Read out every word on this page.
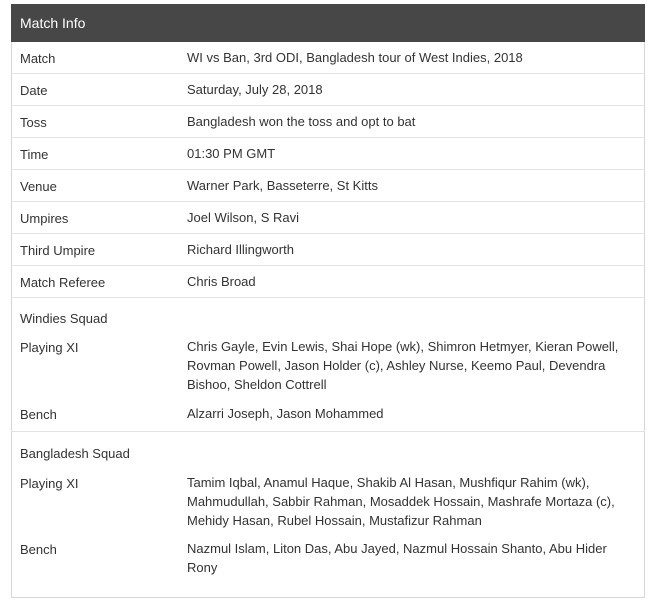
Match Info
Match	WI vs Ban, 3rd ODI, Bangladesh tour of West Indies, 2018
Date	Saturday, July 28, 2018
Toss	Bangladesh won the toss and opt to bat
Time	01:30 PM GMT
Venue	Warner Park, Basseterre, St Kitts
Umpires	Joel Wilson, S Ravi
Third Umpire	Richard Illingworth
Match Referee	Chris Broad
Windies Squad
Playing XI	Chris Gayle, Evin Lewis, Shai Hope (wk), Shimron Hetmyer, Kieran Powell,
Rovman Powell, Jason Holder (c), Ashley Nurse, Keemo Paul, Devendra
Bishoo, Sheldon Cottrell
Bench	Alzarri Joseph, Jason Mohammed
Bangladesh Squad
Playing XI	Tamim Iqbal, Anamul Haque, Shakib Al Hasan, Mushfiqur Rahim (wk),
Mahmudullah, Sabbir Rahman, Mosaddek Hossain, Mashrafe Mortaza (c),
Mehidy Hasan, Rubel Hossain, Mustafizur Rahman
Bench	Nazmul Islam, Liton Das, Abu Jayed, Nazmul Hossain Shanto, Abu Hider
Rony
